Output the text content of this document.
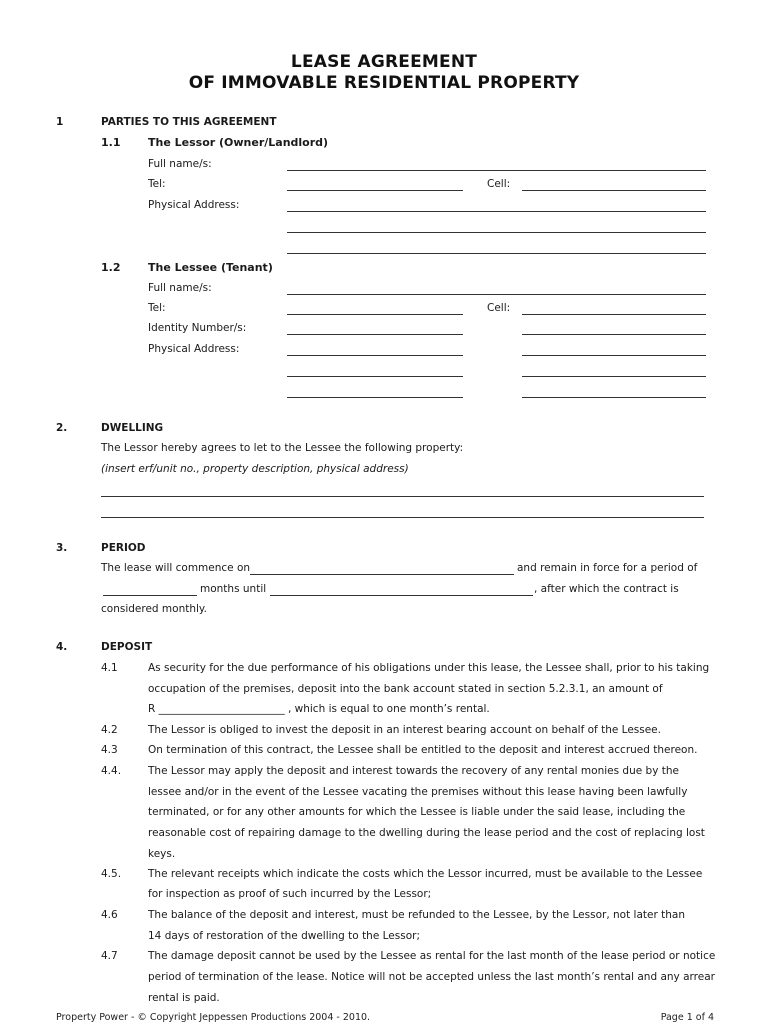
LEASE AGREEMENT
OF IMMOVABLE RESIDENTIAL PROPERTY
1	PARTIES TO THIS AGREEMENT
1.1	The Lessor (Owner/Landlord)
Full name/s:
Tel:	Cell:
Physical Address:
1.2	The Lessee (Tenant)
Full name/s:
Tel:	Cell:
Identity Number/s:
Physical Address:
2.	DWELLING
The Lessor hereby agrees to let to the Lessee the following property:
(insert erf/unit no., property description, physical address)
3.	PERIOD
The lease will commence on	and remain in force for a period of
months until	, after which the contract is
considered monthly.
4.	DEPOSIT
4.1	As security for the due performance of his obligations under this lease, the Lessee shall, prior to his taking
occupation of the premises, deposit into the bank account stated in section 5.2.3.1, an amount of
R ________________________ , which is equal to one month’s rental.
4.2	The Lessor is obliged to invest the deposit in an interest bearing account on behalf of the Lessee.
4.3	On termination of this contract, the Lessee shall be entitled to the deposit and interest accrued thereon.
4.4.	The Lessor may apply the deposit and interest towards the recovery of any rental monies due by the
lessee and/or in the event of the Lessee vacating the premises without this lease having been lawfully
terminated, or for any other amounts for which the Lessee is liable under the said lease, including the
reasonable cost of repairing damage to the dwelling during the lease period and the cost of replacing lost
keys.
4.5.	The relevant receipts which indicate the costs which the Lessor incurred, must be available to the Lessee
for inspection as proof of such incurred by the Lessor;
4.6	The balance of the deposit and interest, must be refunded to the Lessee, by the Lessor, not later than
14 days of restoration of the dwelling to the Lessor;
4.7	The damage deposit cannot be used by the Lessee as rental for the last month of the lease period or notice
period of termination of the lease. Notice will not be accepted unless the last month’s rental and any arrear
rental is paid.
Property Power - © Copyright Jeppessen Productions 2004 - 2010.	Page 1 of 4
